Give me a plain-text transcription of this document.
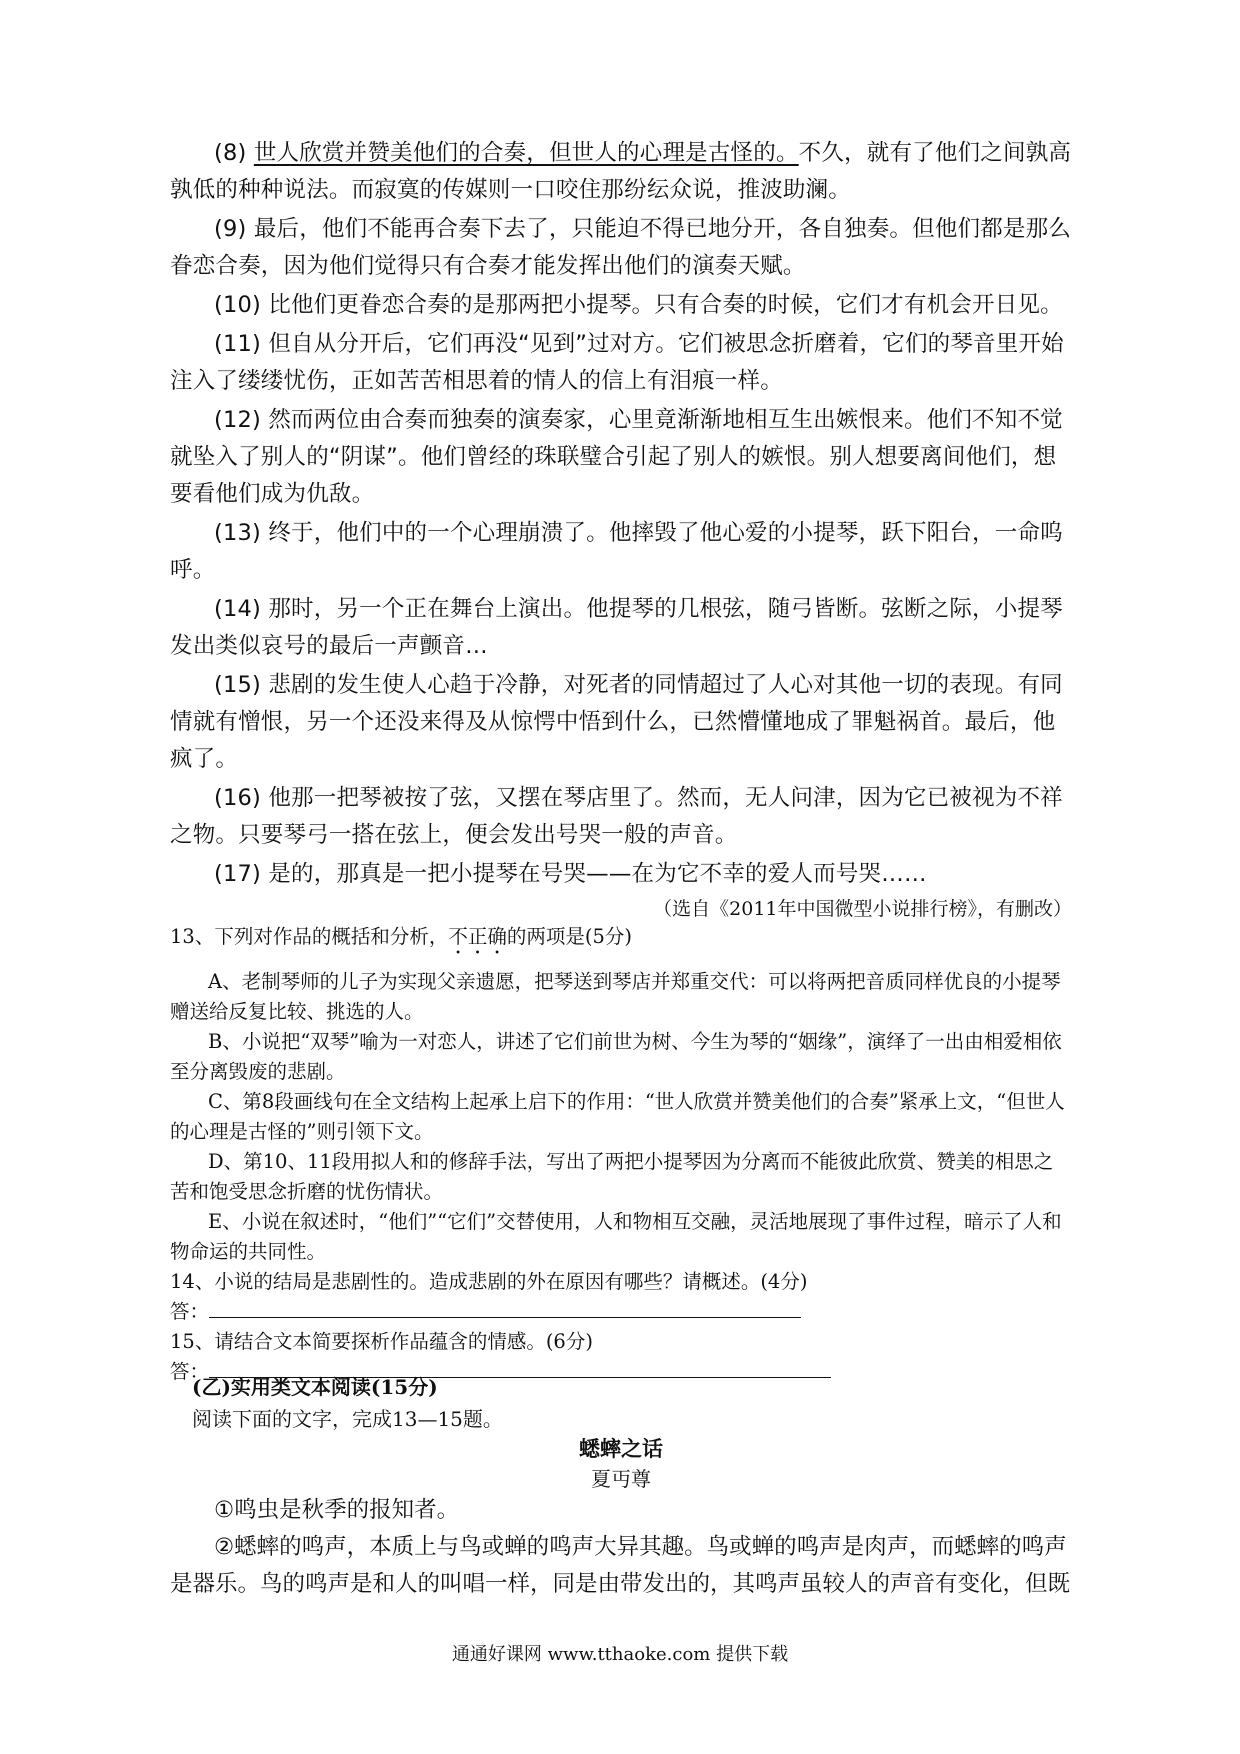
(8) 世人欣赏并赞美他们的合奏，但世人的心理是古怪的。不久，就有了他们之间孰高孰低的种种说法。而寂寞的传媒则一口咬住那纷纭众说，推波助澜。

(9) 最后，他们不能再合奏下去了，只能迫不得已地分开，各自独奏。但他们都是那么眷恋合奏，因为他们觉得只有合奏才能发挥出他们的演奏天赋。

(10) 比他们更眷恋合奏的是那两把小提琴。只有合奏的时候，它们才有机会开日见。

(11) 但自从分开后，它们再没“见到”过对方。它们被思念折磨着，它们的琴音里开始注入了缕缕忧伤，正如苦苦相思着的情人的信上有泪痕一样。

(12) 然而两位由合奏而独奏的演奏家，心里竟渐渐地相互生出嫉恨来。他们不知不觉就坠入了别人的“阴谋”。他们曾经的珠联璧合引起了别人的嫉恨。别人想要离间他们，想要看他们成为仇敌。

(13) 终于，他们中的一个心理崩溃了。他摔毁了他心爱的小提琴，跃下阳台，一命呜呼。

(14) 那时，另一个正在舞台上演出。他提琴的几根弦，随弓皆断。弦断之际，小提琴发出类似哀号的最后一声颤音…

(15) 悲剧的发生使人心趋于冷静，对死者的同情超过了人心对其他一切的表现。有同情就有憎恨，另一个还没来得及从惊愕中悟到什么，已然懵懂地成了罪魁祸首。最后，他疯了。

(16) 他那一把琴被按了弦，又摆在琴店里了。然而，无人问津，因为它已被视为不祥之物。只要琴弓一搭在弦上，便会发出号哭一般的声音。

(17) 是的，那真是一把小提琴在号哭——在为它不幸的爱人而号哭……

（选自《2011年中国微型小说排行榜》，有删改）

13、下列对作品的概括和分析，不正确的两项是(5分)

A、老制琴师的儿子为实现父亲遗愿，把琴送到琴店并郑重交代：可以将两把音质同样优良的小提琴赠送给反复比较、挑选的人。

B、小说把“双琴”喻为一对恋人，讲述了它们前世为树、今生为琴的“姻缘”，演绎了一出由相爱相依至分离毁废的悲剧。

C、第8段画线句在全文结构上起承上启下的作用：“世人欣赏并赞美他们的合奏”紧承上文，“但世人的心理是古怪的”则引领下文。

D、第10、11段用拟人和的修辞手法，写出了两把小提琴因为分离而不能彼此欣赏、赞美的相思之苦和饱受思念折磨的忧伤情状。

E、小说在叙述时，“他们”“它们”交替使用，人和物相互交融，灵活地展现了事件过程，暗示了人和物命运的共同性。

14、小说的结局是悲剧性的。造成悲剧的外在原因有哪些？请概述。(4分)

答：

15、请结合文本简要探析作品蕴含的情感。(6分)

答：

(乙)实用类文本阅读(15分)

阅读下面的文字，完成13—15题。

蟋蟀之话

夏丏尊

①鸣虫是秋季的报知者。

②蟋蟀的鸣声，本质上与鸟或蝉的鸣声大异其趣。鸟或蝉的鸣声是肉声，而蟋蟀的鸣声是器乐。鸟的鸣声是和人的叫唱一样，同是由带发出的，其鸣声虽较人的声音有变化，但既

通通好课网 www.tthaoke.com 提供下载
